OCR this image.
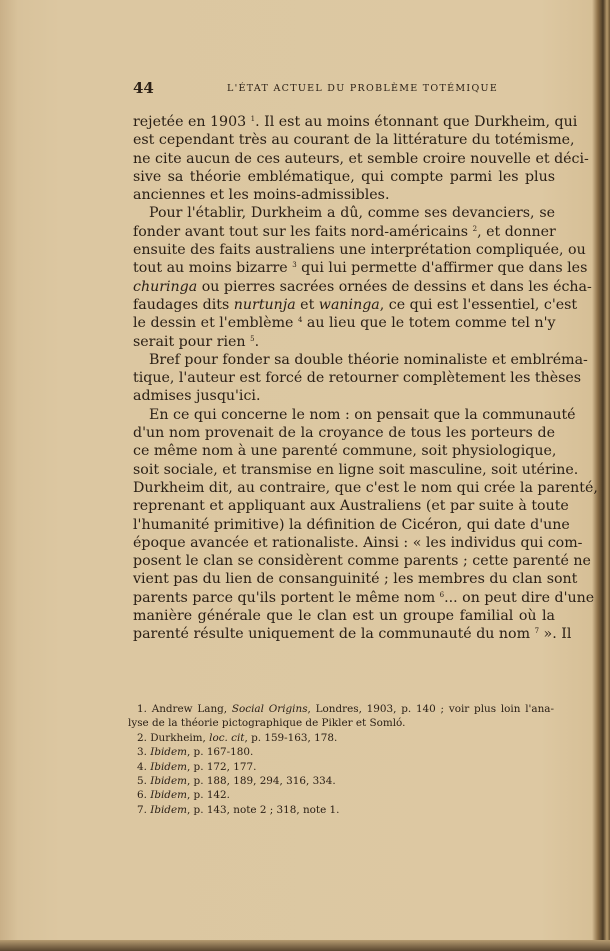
44	L'ÉTAT ACTUEL DU PROBLÈME TOTÉMIQUE
rejetée en 1903 $^1$. Il est au moins étonnant que Durkheim, qui
est cependant très au courant de la littérature du totémisme,
ne cite aucun de ces auteurs, et semble croire nouvelle et déci-
sive sa théorie emblématique, qui compte parmi les plus
anciennes et les moins-admissibles.
Pour l'établir, Durkheim a dû, comme ses devanciers, se
fonder avant tout sur les faits nord-américains $^2$, et donner
ensuite des faits australiens une interprétation compliquée, ou
tout au moins bizarre $^3$ qui lui permette d'affirmer que dans les
churinga ou pierres sacrées ornées de dessins et dans les écha-
faudages dits nurtunja et waninga, ce qui est l'essentiel, c'est
le dessin et l'emblème $^4$ au lieu que le totem comme tel n'y
serait pour rien $^5$.
Bref pour fonder sa double théorie nominaliste et emblréma-
tique, l'auteur est forcé de retourner complètement les thèses
admises jusqu'ici.
En ce qui concerne le nom : on pensait que la communauté
d'un nom provenait de la croyance de tous les porteurs de
ce même nom à une parenté commune, soit physiologique,
soit sociale, et transmise en ligne soit masculine, soit utérine.
Durkheim dit, au contraire, que c'est le nom qui crée la parenté,
reprenant et appliquant aux Australiens (et par suite à toute
l'humanité primitive) la définition de Cicéron, qui date d'une
époque avancée et rationaliste. Ainsi : « les individus qui com-
posent le clan se considèrent comme parents ; cette parenté ne
vient pas du lien de consanguinité ; les membres du clan sont
parents parce qu'ils portent le même nom $^6$... on peut dire d'une
manière générale que le clan est un groupe familial où la
parenté résulte uniquement de la communauté du nom $^7$ ». Il
1. Andrew Lang, Social Origins, Londres, 1903, p. 140 ; voir plus loin l'ana-
lyse de la théorie pictographique de Pikler et Somló.
2. Durkheim, loc. cit, p. 159-163, 178.
3. Ibidem, p. 167-180.
4. Ibidem, p. 172, 177.
5. Ibidem, p. 188, 189, 294, 316, 334.
6. Ibidem, p. 142.
7. Ibidem, p. 143, note 2 ; 318, note 1.
